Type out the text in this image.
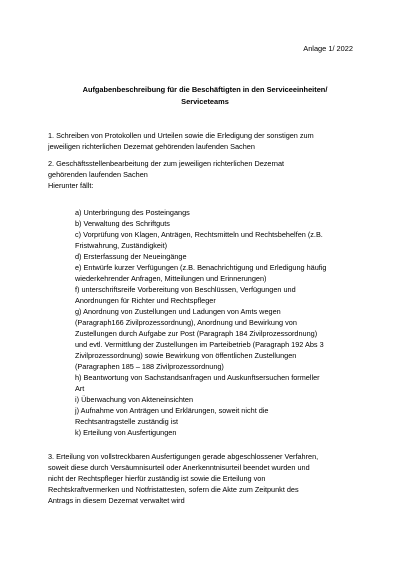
Anlage 1/ 2022
Aufgabenbeschreibung für die Beschäftigten in den Serviceeinheiten/
Serviceteams
1. Schreiben von Protokollen und Urteilen sowie die Erledigung der sonstigen zum
jeweiligen richterlichen Dezernat gehörenden laufenden Sachen
2. Geschäftsstellenbearbeitung der zum jeweiligen richterlichen Dezernat
gehörenden laufenden Sachen
Hierunter fällt:
a) Unterbringung des Posteingangs
b) Verwaltung des Schriftguts
c) Vorprüfung von Klagen, Anträgen, Rechtsmitteln und Rechtsbehelfen (z.B.
Fristwahrung, Zuständigkeit)
d) Ersterfassung der Neueingänge
e) Entwürfe kurzer Verfügungen (z.B. Benachrichtigung und Erledigung häufig
wiederkehrender Anfragen, Mitteilungen und Erinnerungen)
f) unterschriftsreife Vorbereitung von Beschlüssen, Verfügungen und
Anordnungen für Richter und Rechtspfleger
g) Anordnung von Zustellungen und Ladungen von Amts wegen
(Paragraph166 Zivilprozessordnung), Anordnung und Bewirkung von
Zustellungen durch Aufgabe zur Post (Paragraph 184 Zivilprozessordnung)
und evtl. Vermittlung der Zustellungen im Parteibetrieb (Paragraph 192 Abs 3
Zivilprozessordnung) sowie Bewirkung von öffentlichen Zustellungen
(Paragraphen 185 – 188 Zivilprozessordnung)
h) Beantwortung von Sachstandsanfragen und Auskunftsersuchen formeller
Art
i) Überwachung von Akteneinsichten
j) Aufnahme von Anträgen und Erklärungen, soweit nicht die
Rechtsantragstelle zuständig ist
k) Erteilung von Ausfertigungen
3. Erteilung von vollstreckbaren Ausfertigungen gerade abgeschlossener Verfahren,
soweit diese durch Versäumnisurteil oder Anerkenntnisurteil beendet wurden und
nicht der Rechtspfleger hierfür zuständig ist sowie die Erteilung von
Rechtskraftvermerken und Notfristattesten, sofern die Akte zum Zeitpunkt des
Antrags in diesem Dezernat verwaltet wird
